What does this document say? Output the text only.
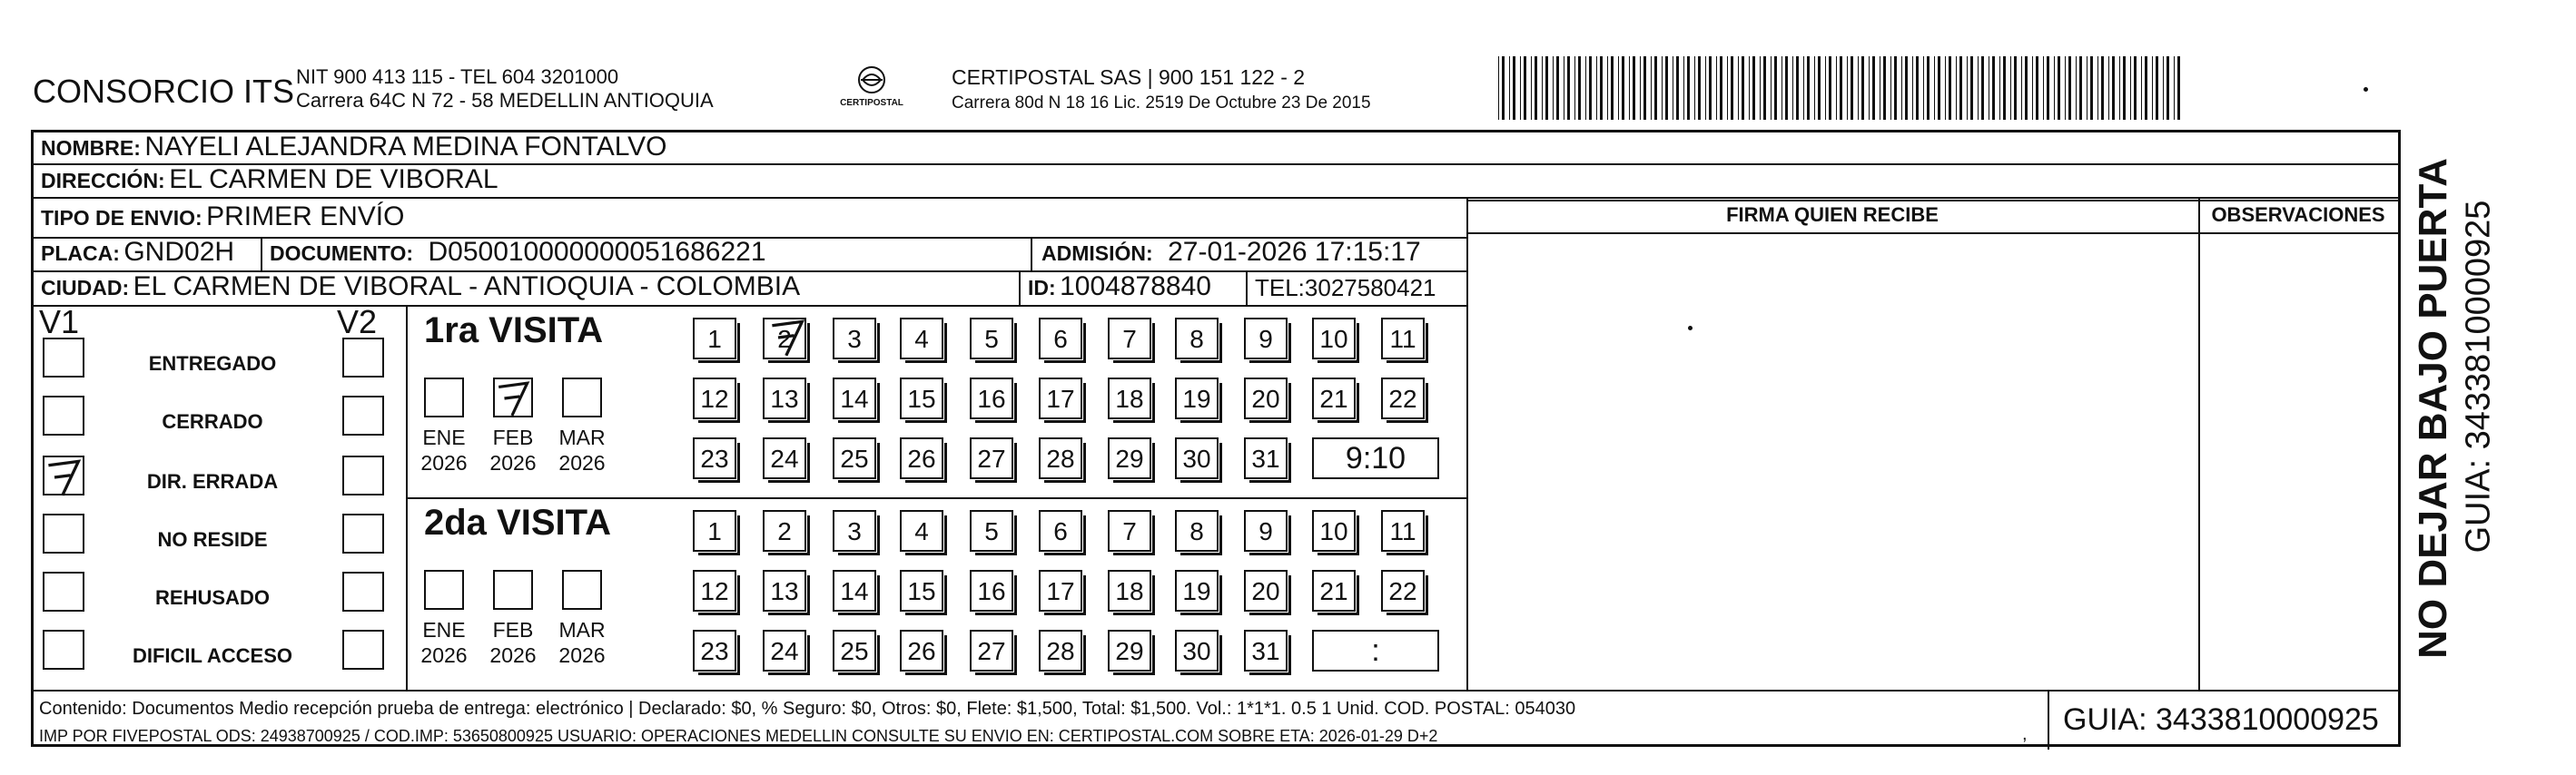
CONSORCIO ITS NIT 900 413 115 - TEL 604 3201000
Carrera 64C N 72 - 58 MEDELLIN ANTIOQUIA	CERTIPOSTAL
CERTIPOSTAL SAS | 900 151 122 - 2
Carrera 80d N 18 16 Lic. 2519 De Octubre 23 De 2015
NO DEJAR BAJO PUERTA GUIA: 3433810000925
NOMBRE: NAYELI ALEJANDRA MEDINA FONTALVO
DIRECCIÓN: EL CARMEN DE VIBORAL
TIPO DE ENVIO: PRIMER ENVÍO
PLACA: GND02H DOCUMENTO: D050010000000051686221	ADMISIÓN: 27-01-2026 17:15:17
CIUDAD: EL CARMEN DE VIBORAL - ANTIOQUIA - COLOMBIA	ID: 1004878840 TEL:3027580421
FIRMA QUIEN RECIBE	OBSERVACIONES
V1	V2
ENTREGADO
CERRADO
DIR. ERRADA
NO RESIDE
REHUSADO
DIFICIL ACCESO
1ra VISITA
ENE
2026
FEB
2026
MAR
2026
1	2	3	4	5	6	7	8	9	10	11
12	13	14	15	16	17	18	19	20	21	22
23	24	25	26	27	28	29	30	31	9:10
2da VISITA
ENE
2026
FEB
2026
MAR
2026
1	2	3	4	5	6	7	8	9	10	11
12	13	14	15	16	17	18	19	20	21	22
23	24	25	26	27	28	29	30	31	:
Contenido: Documentos Medio recepción prueba de entrega: electrónico | Declarado: $0, % Seguro: $0, Otros: $0, Flete: $1,500, Total: $1,500. Vol.: 1*1*1. 0.5 1 Unid. COD. POSTAL: 054030
IMP POR FIVEPOSTAL ODS: 24938700925 / COD.IMP: 53650800925 USUARIO: OPERACIONES MEDELLIN CONSULTE SU ENVIO EN: CERTIPOSTAL.COM SOBRE ETA: 2026-01-29 D+2	, GUIA: 3433810000925
